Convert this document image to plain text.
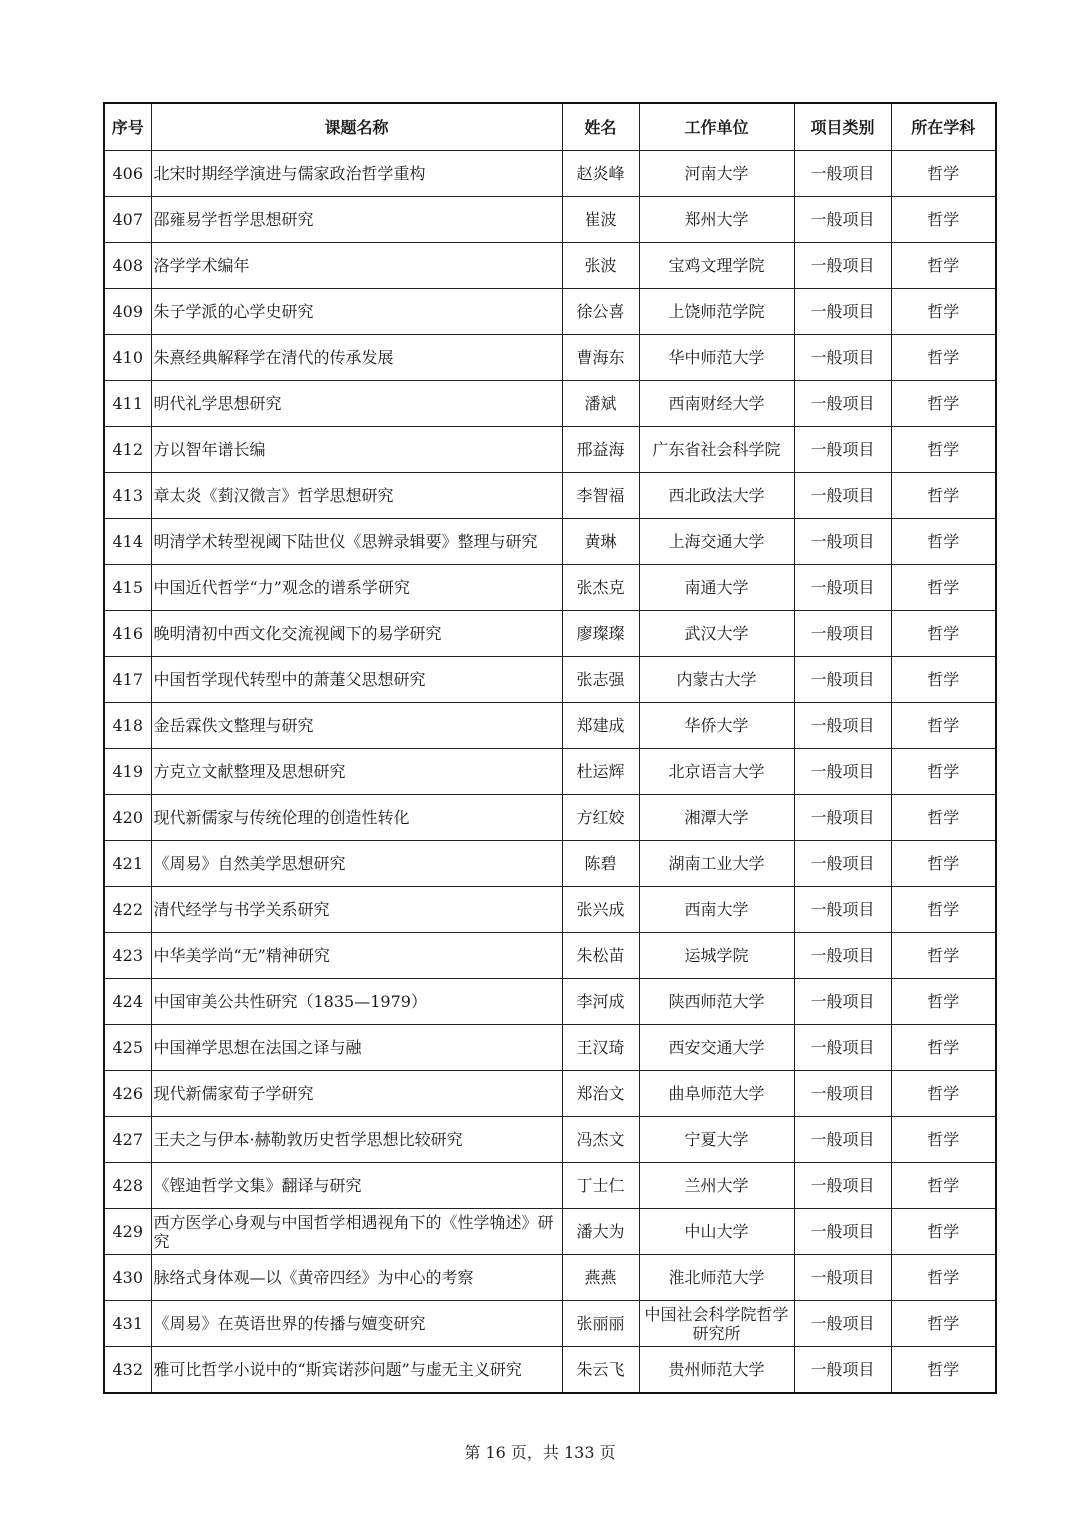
序号	课题名称	姓名	工作单位	项目类别	所在学科
406	北宋时期经学演进与儒家政治哲学重构	赵炎峰	河南大学	一般项目	哲学
407	邵雍易学哲学思想研究	崔波	郑州大学	一般项目	哲学
408	洛学学术编年	张波	宝鸡文理学院	一般项目	哲学
409	朱子学派的心学史研究	徐公喜	上饶师范学院	一般项目	哲学
410	朱熹经典解释学在清代的传承发展	曹海东	华中师范大学	一般项目	哲学
411	明代礼学思想研究	潘斌	西南财经大学	一般项目	哲学
412	方以智年谱长编	邢益海	广东省社会科学院	一般项目	哲学
413	章太炎《菿汉微言》哲学思想研究	李智福	西北政法大学	一般项目	哲学
414	明清学术转型视阈下陆世仪《思辨录辑要》整理与研究	黄琳	上海交通大学	一般项目	哲学
415	中国近代哲学“力”观念的谱系学研究	张杰克	南通大学	一般项目	哲学
416	晚明清初中西文化交流视阈下的易学研究	廖璨璨	武汉大学	一般项目	哲学
417	中国哲学现代转型中的萧萐父思想研究	张志强	内蒙古大学	一般项目	哲学
418	金岳霖佚文整理与研究	郑建成	华侨大学	一般项目	哲学
419	方克立文献整理及思想研究	杜运辉	北京语言大学	一般项目	哲学
420	现代新儒家与传统伦理的创造性转化	方红姣	湘潭大学	一般项目	哲学
421	《周易》自然美学思想研究	陈碧	湖南工业大学	一般项目	哲学
422	清代经学与书学关系研究	张兴成	西南大学	一般项目	哲学
423	中华美学尚“无”精神研究	朱松苗	运城学院	一般项目	哲学
424	中国审美公共性研究（1835—1979）	李河成	陕西师范大学	一般项目	哲学
425	中国禅学思想在法国之译与融	王汉琦	西安交通大学	一般项目	哲学
426	现代新儒家荀子学研究	郑治文	曲阜师范大学	一般项目	哲学
427	王夫之与伊本·赫勒敦历史哲学思想比较研究	冯杰文	宁夏大学	一般项目	哲学
428	《铿迪哲学文集》翻译与研究	丁士仁	兰州大学	一般项目	哲学
429	西方医学心身观与中国哲学相遇视角下的《性学觕述》研究	潘大为	中山大学	一般项目	哲学
430	脉络式身体观—以《黄帝四经》为中心的考察	燕燕	淮北师范大学	一般项目	哲学
431	《周易》在英语世界的传播与嬗变研究	张丽丽	中国社会科学院哲学研究所	一般项目	哲学
432	雅可比哲学小说中的“斯宾诺莎问题”与虚无主义研究	朱云飞	贵州师范大学	一般项目	哲学
第 16 页，共 133 页
